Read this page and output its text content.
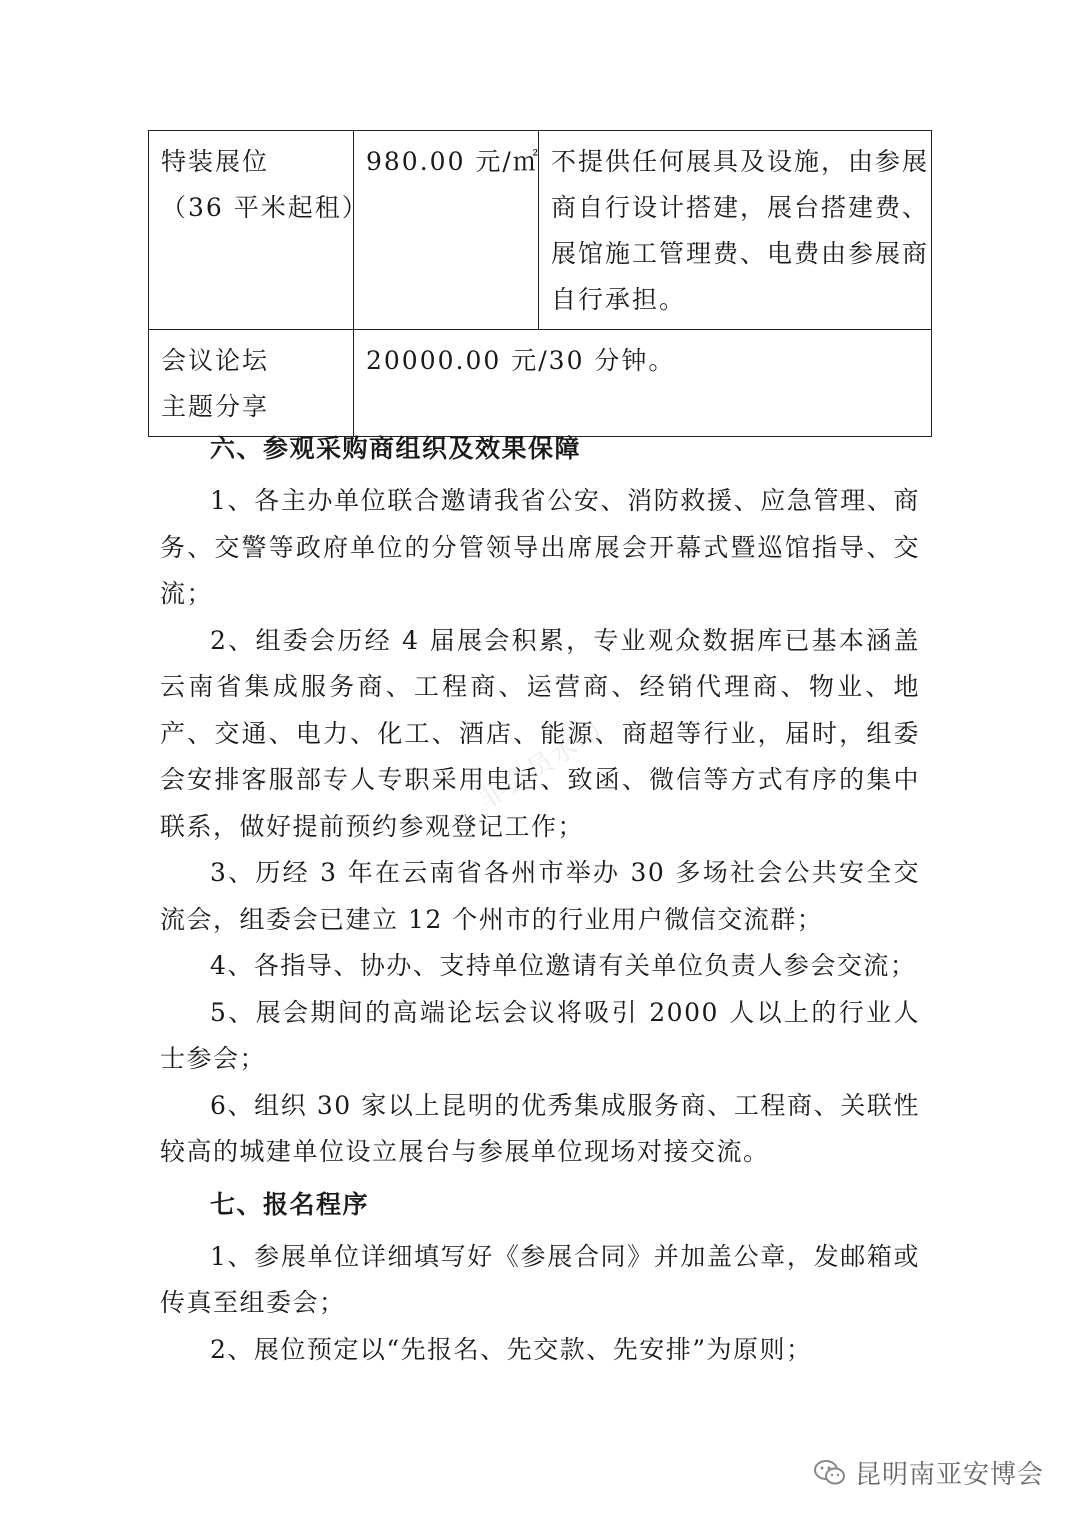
特装展位
（36 平米起租）	980.00 元/㎡	不提供任何展具及设施，由参展
商自行设计搭建，展台搭建费、
展馆施工管理费、电费由参展商
自行承担。

会议论坛
主题分享	20000.00 元/30 分钟。	

六、参观采购商组织及效果保障

1、各主办单位联合邀请我省公安、消防救援、应急管理、商务、交警等政府单位的分管领导出席展会开幕式暨巡馆指导、交流；

2、组委会历经 4 届展会积累，专业观众数据库已基本涵盖云南省集成服务商、工程商、运营商、经销代理商、物业、地产、交通、电力、化工、酒店、能源、商超等行业，届时，组委会安排客服部专人专职采用电话、致函、微信等方式有序的集中联系，做好提前预约参观登记工作；

3、历经 3 年在云南省各州市举办 30 多场社会公共安全交流会，组委会已建立 12 个州市的行业用户微信交流群；

4、各指导、协办、支持单位邀请有关单位负责人参会交流；

5、展会期间的高端论坛会议将吸引 2000 人以上的行业人士参会；

6、组织 30 家以上昆明的优秀集成服务商、工程商、关联性较高的城建单位设立展台与参展单位现场对接交流。

七、报名程序

1、参展单位详细填写好《参展合同》并加盖公章，发邮箱或传真至组委会；

2、展位预定以“先报名、先交款、先安排”为原则；

非会员水印
昆明南亚安博会
